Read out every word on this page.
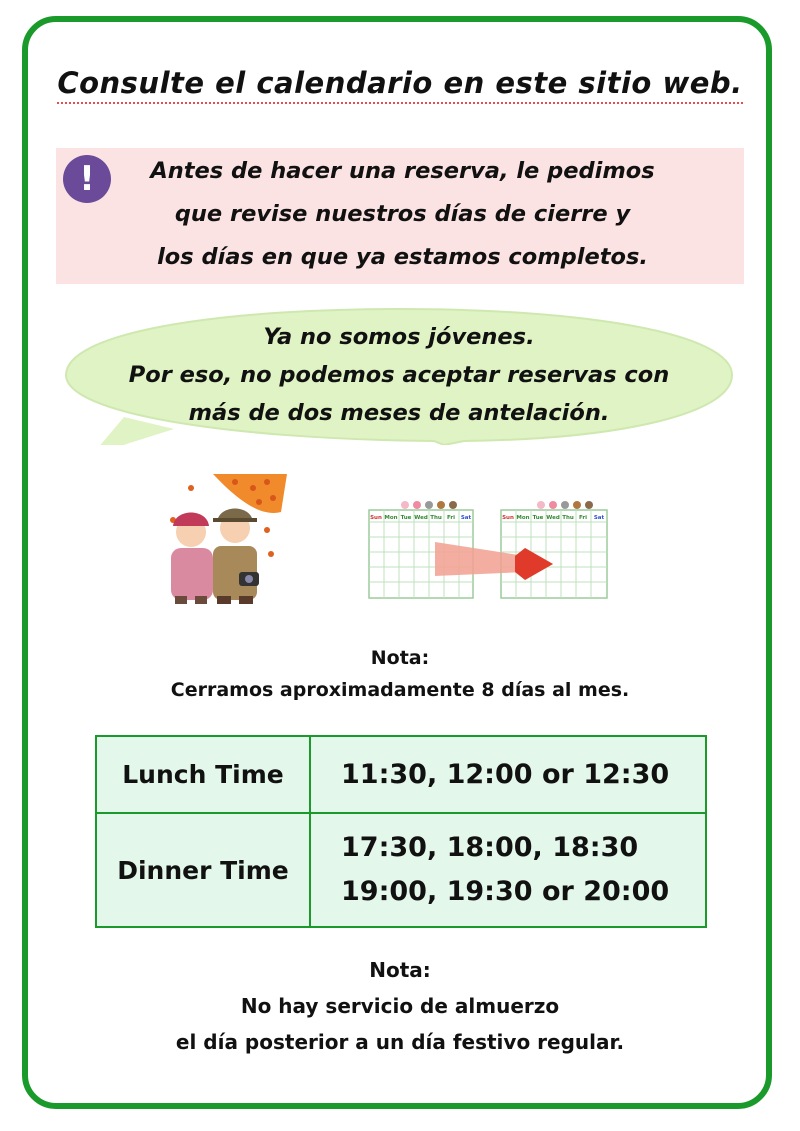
Consulte el calendario en este sitio web.
!	Antes de hacer una reserva, le pedimos
que revise nuestros días de cierre y
los días en que ya estamos completos.
Ya no somos jóvenes.
Por eso, no podemos aceptar reservas con
más de dos meses de antelación.
Sun Mon Tue Wed Thu Fri Sat	Sun Mon Tue Wed Thu Fri Sat
Nota:
Cerramos aproximadamente 8 días al mes.
Lunch Time	11:30, 12:00 or 12:30

Dinner Time	17:30, 18:00, 18:30
19:00, 19:30 or 20:00
Nota:
No hay servicio de almuerzo
el día posterior a un día festivo regular.
